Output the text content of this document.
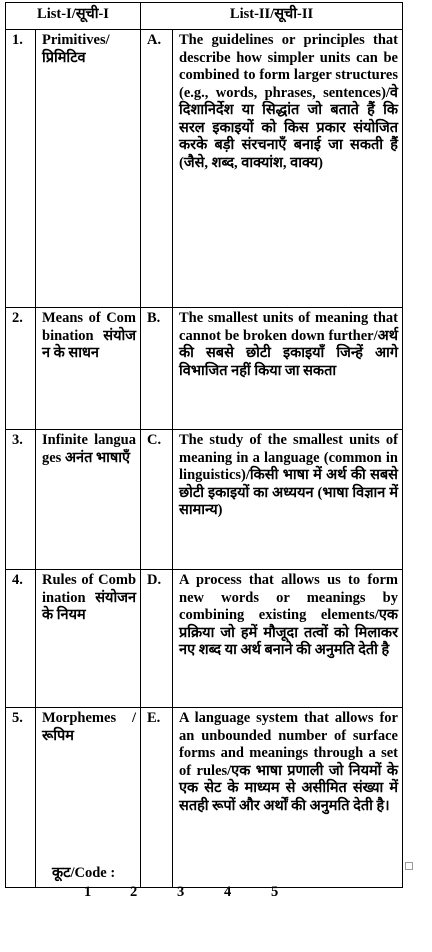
List-I/सूची-I		List-II/सूची-II	
1.	Primitives/ प्रिमिटिव	A.	The guidelines or principles that describe how simpler units can be combined to form larger structures (e.g., words, phrases, sentences)/वे दिशानिर्देश या सिद्धांत जो बताते हैं कि सरल इकाइयों को किस प्रकार संयोजित करके बड़ी संरचनाएँ बनाई जा सकती हैं (जैसे, शब्द, वाक्यांश, वाक्य)
2.	Means of Combination संयोजन के साधन	B.	The smallest units of meaning that cannot be broken down further/अर्थ की सबसे छोटी इकाइयाँ जिन्हें आगे विभाजित नहीं किया जा सकता
3.	Infinite languages अनंत भाषाएँ	C.	The study of the smallest units of meaning in a language (common in linguistics)/किसी भाषा में अर्थ की सबसे छोटी इकाइयों का अध्ययन (भाषा विज्ञान में सामान्य)
4.	Rules of Combination संयोजन के नियम	D.	A process that allows us to form new words or meanings by combining existing elements/एक प्रक्रिया जो हमें मौजूदा तत्वों को मिलाकर नए शब्द या अर्थ बनाने की अनुमति देती है
5.	Morphemes /रूपिम	E.	A language system that allows for an unbounded number of surface forms and meanings through a set of rules/एक भाषा प्रणाली जो नियमों के एक सेट के माध्यम से असीमित संख्या में सतही रूपों और अर्थों की अनुमति देती है।
कूट/Code :
1	2	3	4	5
